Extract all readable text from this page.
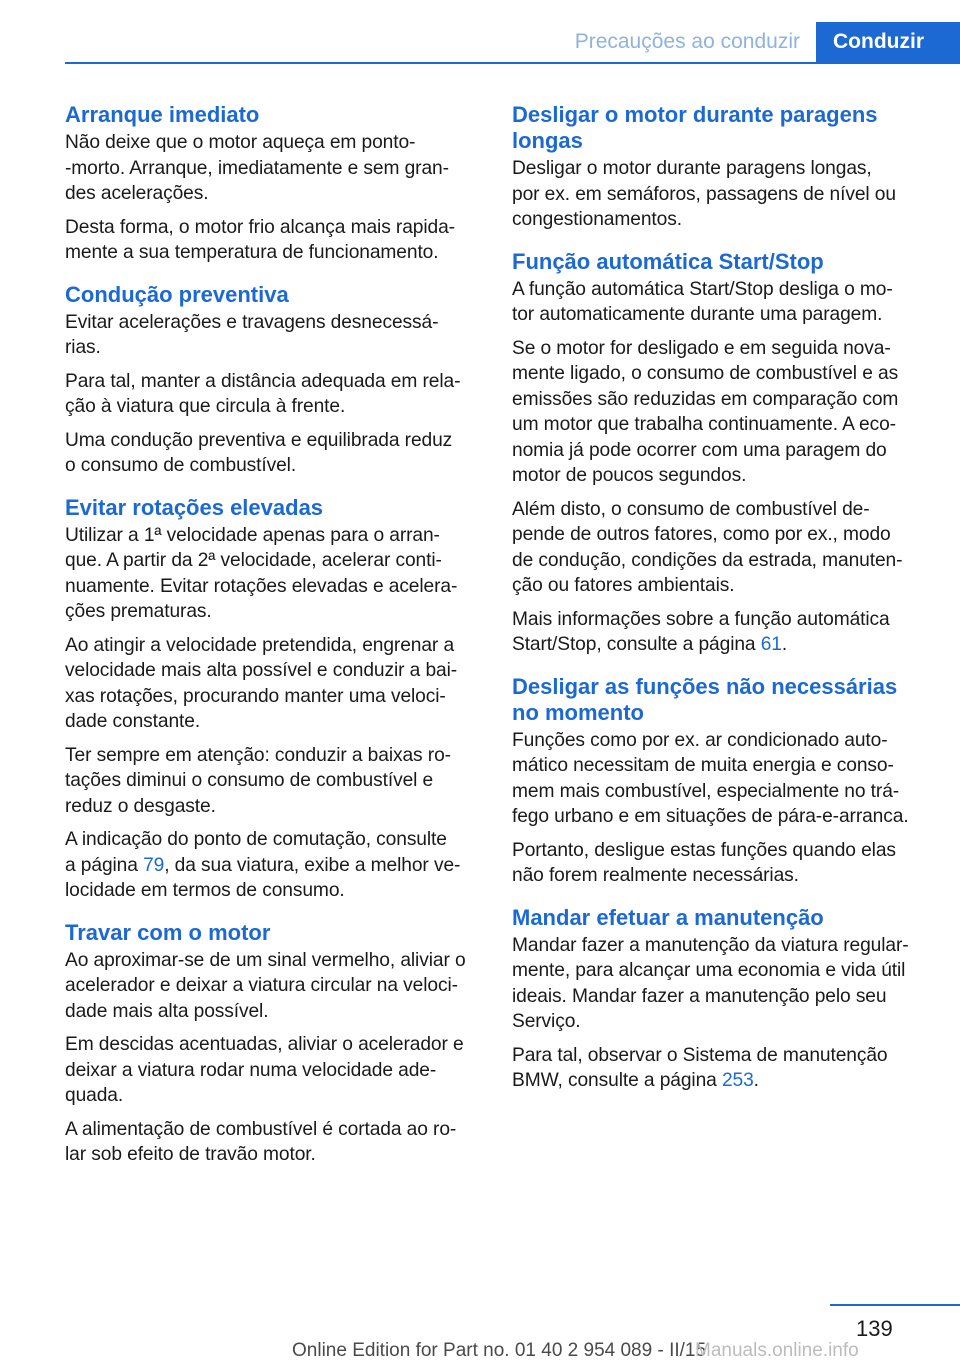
Precauções ao conduzir	Conduzir
Arranque imediato

Não deixe que o motor aqueça em ponto-
-morto. Arranque, imediatamente e sem gran-
des acelerações.

Desta forma, o motor frio alcança mais rapida-
mente a sua temperatura de funcionamento.

Condução preventiva

Evitar acelerações e travagens desnecessá-
rias.

Para tal, manter a distância adequada em rela-
ção à viatura que circula à frente.

Uma condução preventiva e equilibrada reduz
o consumo de combustível.

Evitar rotações elevadas

Utilizar a 1ª velocidade apenas para o arran-
que. A partir da 2ª velocidade, acelerar conti-
nuamente. Evitar rotações elevadas e acelera-
ções prematuras.

Ao atingir a velocidade pretendida, engrenar a
velocidade mais alta possível e conduzir a bai-
xas rotações, procurando manter uma veloci-
dade constante.

Ter sempre em atenção: conduzir a baixas ro-
tações diminui o consumo de combustível e
reduz o desgaste.

A indicação do ponto de comutação, consulte
a página 79, da sua viatura, exibe a melhor ve-
locidade em termos de consumo.

Travar com o motor

Ao aproximar-se de um sinal vermelho, aliviar o
acelerador e deixar a viatura circular na veloci-
dade mais alta possível.

Em descidas acentuadas, aliviar o acelerador e
deixar a viatura rodar numa velocidade ade-
quada.

A alimentação de combustível é cortada ao ro-
lar sob efeito de travão motor.

Desligar o motor durante paragens
longas

Desligar o motor durante paragens longas,
por ex. em semáforos, passagens de nível ou
congestionamentos.

Função automática Start/Stop

A função automática Start/Stop desliga o mo-
tor automaticamente durante uma paragem.

Se o motor for desligado e em seguida nova-
mente ligado, o consumo de combustível e as
emissões são reduzidas em comparação com
um motor que trabalha continuamente. A eco-
nomia já pode ocorrer com uma paragem do
motor de poucos segundos.

Além disto, o consumo de combustível de-
pende de outros fatores, como por ex., modo
de condução, condições da estrada, manuten-
ção ou fatores ambientais.

Mais informações sobre a função automática
Start/Stop, consulte a página 61.

Desligar as funções não necessárias
no momento

Funções como por ex. ar condicionado auto-
mático necessitam de muita energia e conso-
mem mais combustível, especialmente no trá-
fego urbano e em situações de pára-e-arranca.

Portanto, desligue estas funções quando elas
não forem realmente necessárias.

Mandar efetuar a manutenção

Mandar fazer a manutenção da viatura regular-
mente, para alcançar uma economia e vida útil
ideais. Mandar fazer a manutenção pelo seu
Serviço.

Para tal, observar o Sistema de manutenção
BMW, consulte a página 253.

139
Online Edition for Part no. 01 40 2 954 089 - II/15
Manuals.online.info
